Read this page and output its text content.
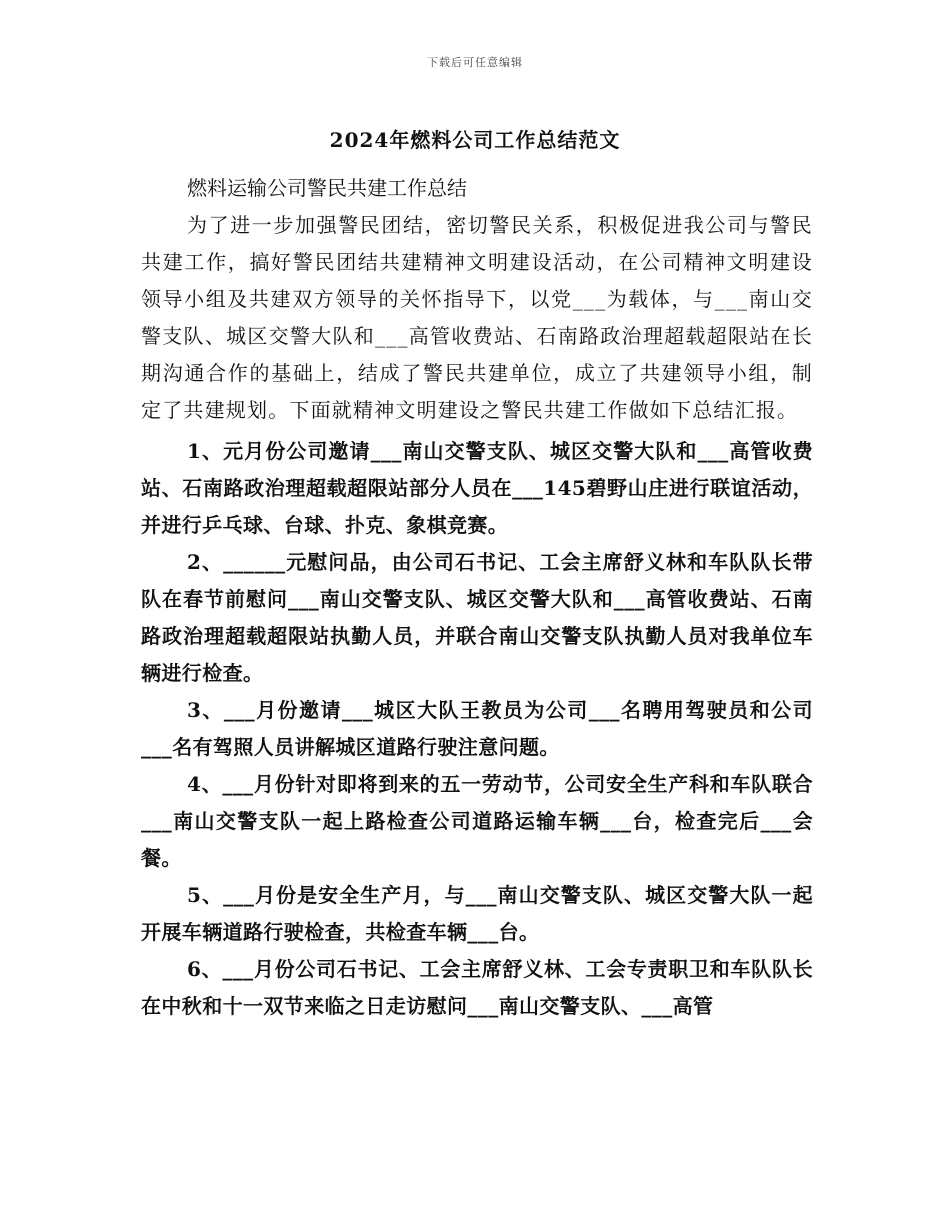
下载后可任意编辑
2024年燃料公司工作总结范文

燃料运输公司警民共建工作总结

为了进一步加强警民团结，密切警民关系，积极促进我公司与警民共建工作，搞好警民团结共建精神文明建设活动，在公司精神文明建设领导小组及共建双方领导的关怀指导下，以党___为载体，与___南山交警支队、城区交警大队和___高管收费站、石南路政治理超载超限站在长期沟通合作的基础上，结成了警民共建单位，成立了共建领导小组，制定了共建规划。下面就精神文明建设之警民共建工作做如下总结汇报。

1、元月份公司邀请___南山交警支队、城区交警大队和___高管收费站、石南路政治理超载超限站部分人员在___145碧野山庄进行联谊活动，并进行乒乓球、台球、扑克、象棋竞赛。

2、______元慰问品，由公司石书记、工会主席舒义林和车队队长带队在春节前慰问___南山交警支队、城区交警大队和___高管收费站、石南路政治理超载超限站执勤人员，并联合南山交警支队执勤人员对我单位车辆进行检查。

3、___月份邀请___城区大队王教员为公司___名聘用驾驶员和公司___名有驾照人员讲解城区道路行驶注意问题。

4、___月份针对即将到来的五一劳动节，公司安全生产科和车队联合___南山交警支队一起上路检查公司道路运输车辆___台，检查完后___会餐。

5、___月份是安全生产月，与___南山交警支队、城区交警大队一起开展车辆道路行驶检查，共检查车辆___台。

6、___月份公司石书记、工会主席舒义林、工会专责职卫和车队队长在中秋和十一双节来临之日走访慰问___南山交警支队、___高管
